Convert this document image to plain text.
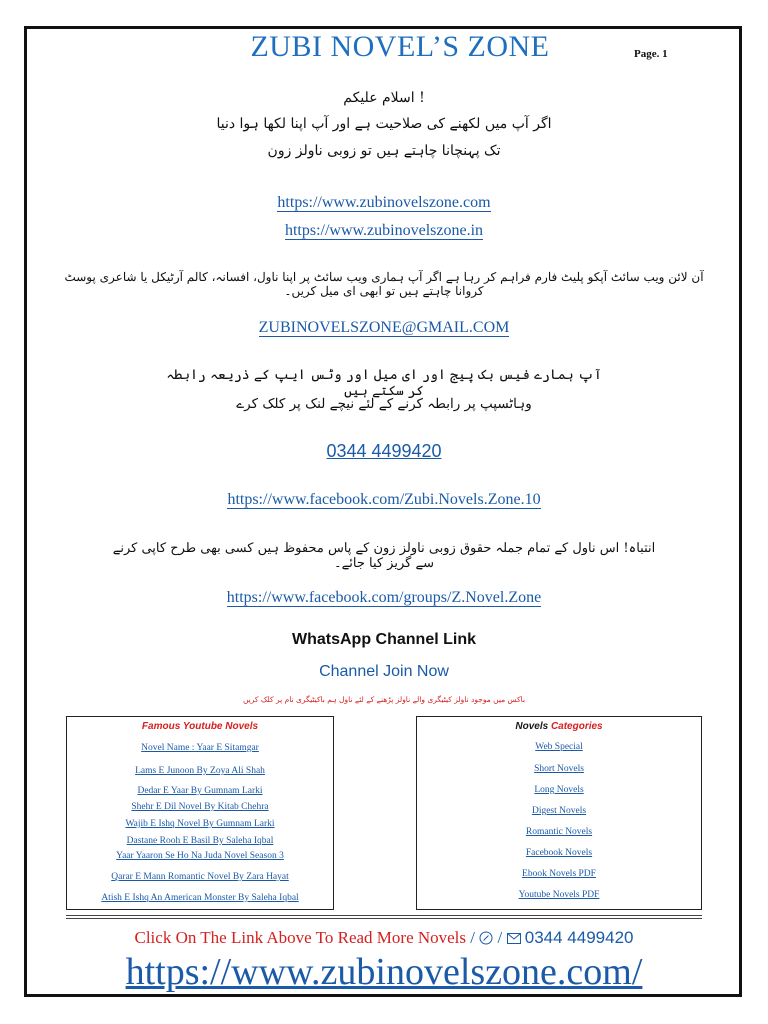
ZUBI NOVEL’S ZONE	Page. 1
! اسلام علیکم
اگر آپ میں لکھنے کی صلاحیت ہے اور آپ اپنا لکھا ہوا دنیا
تک پہنچانا چاہتے ہیں تو زوبی ناولز زون
https://www.zubinovelszone.com
https://www.zubinovelszone.in
آن لائن ویب سائٹ آپکو پلیٹ فارم فراہم کر رہا ہے اگر آپ ہماری ویب سائٹ پر اپنا ناول، افسانہ، کالم آرٹیکل یا شاعری پوسٹ کروانا چاہتے ہیں تو ابھی ای میل کریں۔
ZUBINOVELSZONE@GMAIL.COM
آپ ہمارے فیس بک پیج اور ای میل اور وٹس ایپ کے ذریعہ رابطہ کر سکتے ہیں
وہاٹسپپ پر رابطہ کرنے کے لئے نیچے لنک پر کلک کرے
0344 4499420
https://www.facebook.com/Zubi.Novels.Zone.10
انتباہ! اس ناول کے تمام جملہ حقوق زوبی ناولز زون کے پاس محفوظ ہیں کسی بھی طرح کاپی کرنے سے گریز کیا جائے۔
https://www.facebook.com/groups/Z.Novel.Zone
WhatsApp Channel Link
Channel Join Now
باکس میں موجود ناولز کیٹیگری والے ناولز پڑھنے کے لئے ناول ہم باکیٹیگری نام پر کلک کریں
Famous Youtube Novels
Novel Name : Yaar E Sitamgar
Lams E Junoon By Zoya Ali Shah
Dedar E Yaar By Gumnam Larki
Shehr E Dil Novel By Kitab Chehra
Wajib E Ishq Novel By Gumnam Larki
Dastane Rooh E Basil By Saleha Iqbal
Yaar Yaaron Se Ho Na Juda Novel Season 3
Qarar E Mann Romantic Novel By Zara Hayat
Atish E Ishq An American Monster By Saleha Iqbal
Novels Categories
Web Special
Short Novels
Long Novels
Digest Novels
Romantic Novels
Facebook Novels
Ebook Novels PDF
Youtube Novels PDF
Click On The Link Above To Read More Novels / / 0344 4499420
https://www.zubinovelszone.com/
